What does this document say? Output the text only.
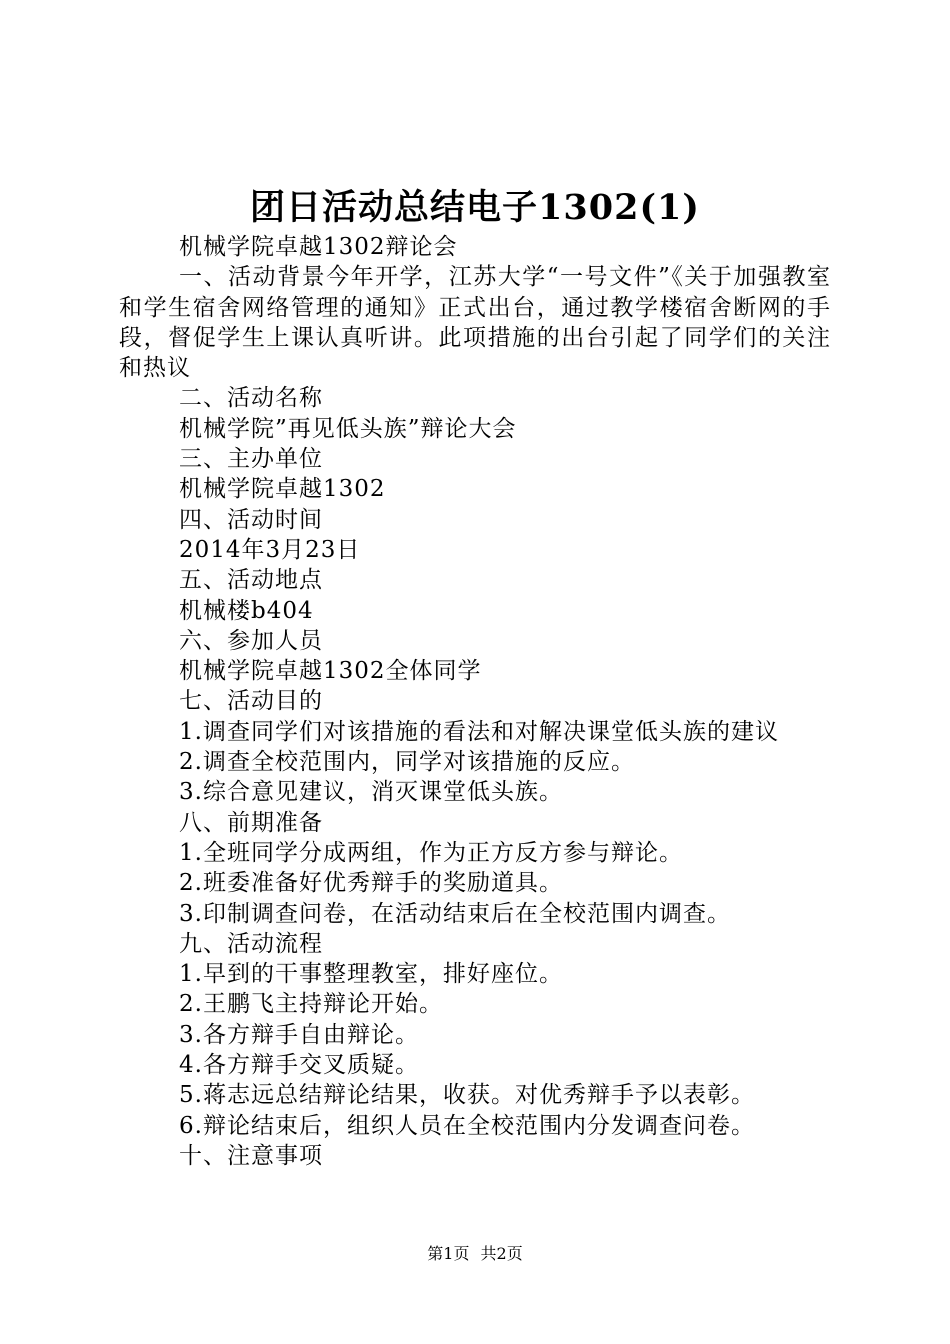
团日活动总结电子1302(1)

机械学院卓越1302辩论会

一、活动背景今年开学，江苏大学“一号文件”《关于加强教室和学生宿舍网络管理的通知》正式出台，通过教学楼宿舍断网的手段，督促学生上课认真听讲。此项措施的出台引起了同学们的关注和热议

二、活动名称

机械学院”再见低头族”辩论大会

三、主办单位

机械学院卓越1302

四、活动时间

2014年3月23日

五、活动地点

机械楼b404

六、参加人员

机械学院卓越1302全体同学

七、活动目的

1.调查同学们对该措施的看法和对解决课堂低头族的建议

2.调查全校范围内，同学对该措施的反应。

3.综合意见建议，消灭课堂低头族。

八、前期准备

1.全班同学分成两组，作为正方反方参与辩论。

2.班委准备好优秀辩手的奖励道具。

3.印制调查问卷，在活动结束后在全校范围内调查。

九、活动流程

1.早到的干事整理教室，排好座位。

2.王鹏飞主持辩论开始。

3.各方辩手自由辩论。

4.各方辩手交叉质疑。

5.蒋志远总结辩论结果，收获。对优秀辩手予以表彰。

6.辩论结束后，组织人员在全校范围内分发调查问卷。

十、注意事项

第1页 共2页
